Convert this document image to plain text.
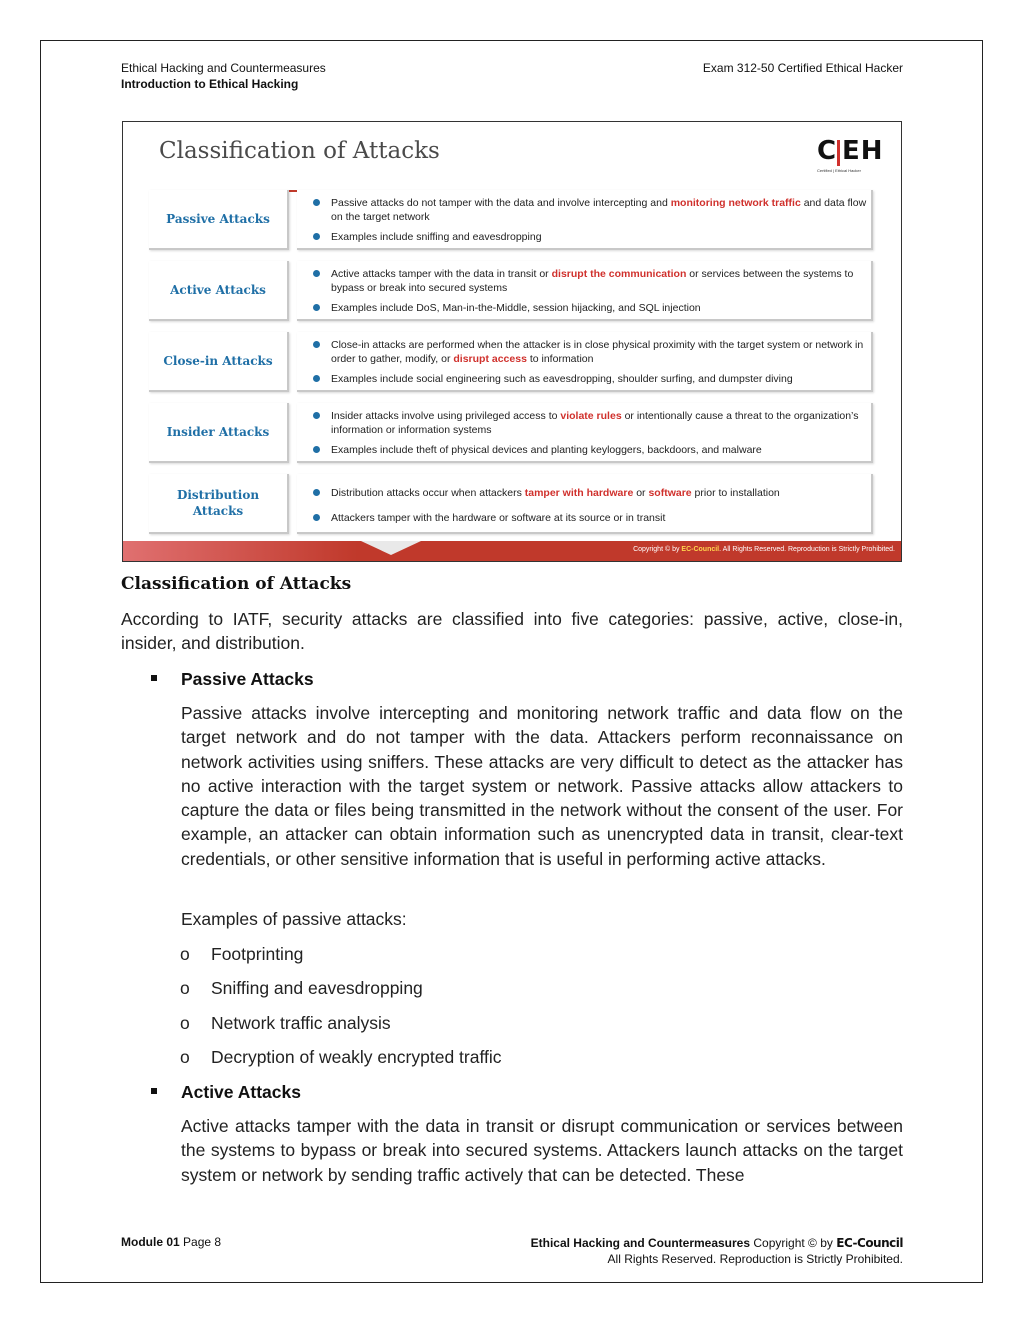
Ethical Hacking and Countermeasures
Introduction to Ethical Hacking
Exam 312-50 Certified Ethical Hacker
Classification of Attacks	C EH
Certified | Ethical Hacker
Passive Attacks
Passive attacks do not tamper with the data and involve intercepting and monitoring network traffic and data flow on the target network
Examples include sniffing and eavesdropping
Active Attacks
Active attacks tamper with the data in transit or disrupt the communication or services between the systems to bypass or break into secured systems
Examples include DoS, Man-in-the-Middle, session hijacking, and SQL injection
Close-in Attacks
Close-in attacks are performed when the attacker is in close physical proximity with the target system or network in order to gather, modify, or disrupt access to information
Examples include social engineering such as eavesdropping, shoulder surfing, and dumpster diving
Insider Attacks
Insider attacks involve using privileged access to violate rules or intentionally cause a threat to the organization’s information or information systems
Examples include theft of physical devices and planting keyloggers, backdoors, and malware
Distribution
Attacks
Distribution attacks occur when attackers tamper with hardware or software prior to installation
Attackers tamper with the hardware or software at its source or in transit
Copyright © by EC-Council. All Rights Reserved. Reproduction is Strictly Prohibited.
Classification of Attacks
According to IATF, security attacks are classified into five categories: passive, active, close-in, insider, and distribution.
Passive Attacks
Passive attacks involve intercepting and monitoring network traffic and data flow on the target network and do not tamper with the data. Attackers perform reconnaissance on network activities using sniffers. These attacks are very difficult to detect as the attacker has no active interaction with the target system or network. Passive attacks allow attackers to capture the data or files being transmitted in the network without the consent of the user. For example, an attacker can obtain information such as unencrypted data in transit, clear-text credentials, or other sensitive information that is useful in performing active attacks.
Examples of passive attacks:
o Footprinting
o Sniffing and eavesdropping
o Network traffic analysis
o Decryption of weakly encrypted traffic
Active Attacks
Active attacks tamper with the data in transit or disrupt communication or services between the systems to bypass or break into secured systems. Attackers launch attacks on the target system or network by sending traffic actively that can be detected. These
Module 01 Page 8	Ethical Hacking and Countermeasures Copyright © by EC-Council
All Rights Reserved. Reproduction is Strictly Prohibited.
